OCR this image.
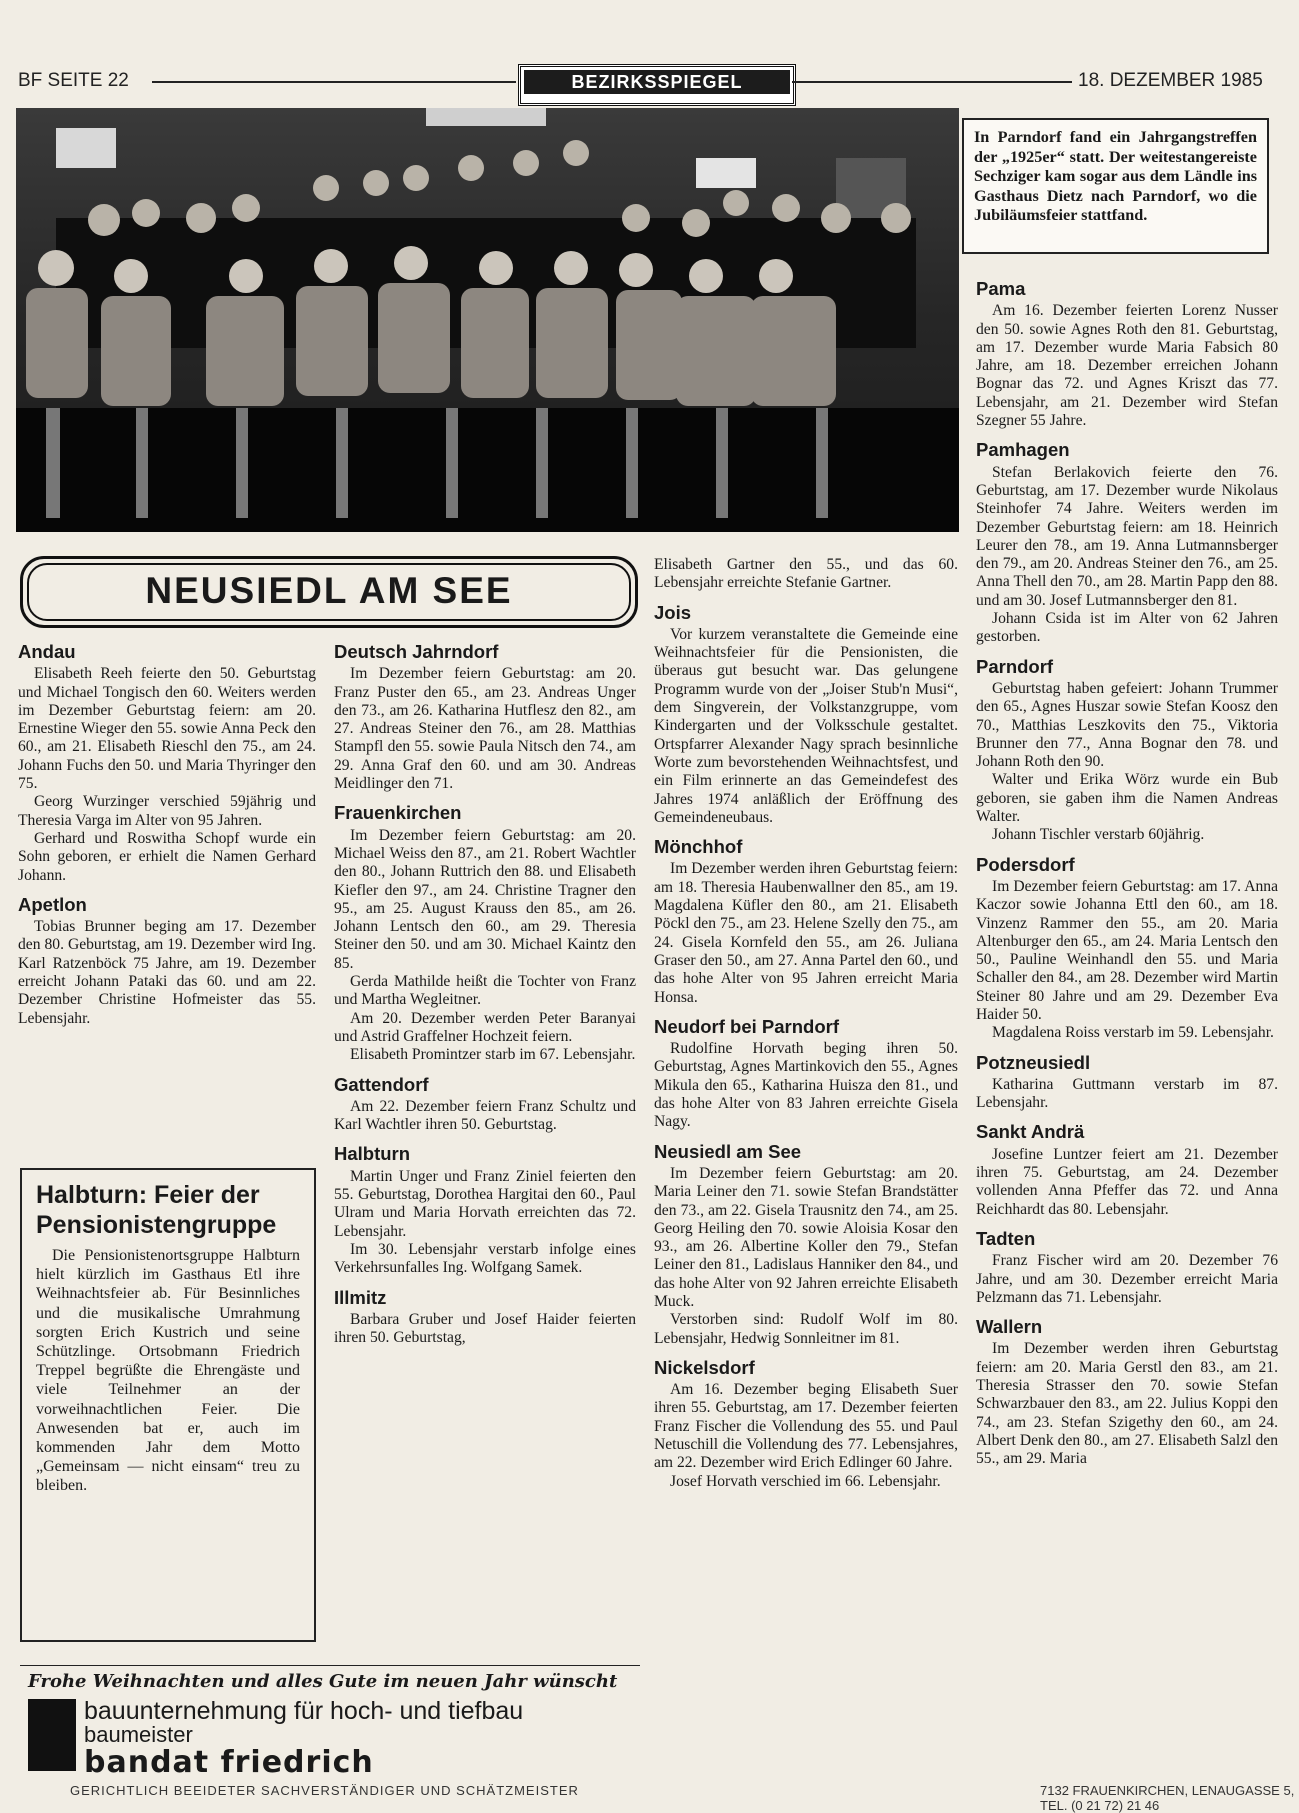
BF SEITE 22	BEZIRKSSPIEGEL	18. DEZEMBER 1985
In Parndorf fand ein Jahrgangstreffen der „1925er“ statt. Der weitestangereiste Sechziger kam sogar aus dem Ländle ins Gasthaus Dietz nach Parndorf, wo die Jubiläumsfeier stattfand.
NEUSIEDL AM SEE
Andau

Elisabeth Reeh feierte den 50. Geburtstag und Michael Tongisch den 60. Weiters werden im Dezember Geburtstag feiern: am 20. Ernestine Wieger den 55. sowie Anna Peck den 60., am 21. Elisabeth Rieschl den 75., am 24. Johann Fuchs den 50. und Maria Thyringer den 75.

Georg Wurzinger verschied 59jährig und Theresia Varga im Alter von 95 Jahren.

Gerhard und Roswitha Schopf wurde ein Sohn geboren, er erhielt die Namen Gerhard Johann.

Apetlon

Tobias Brunner beging am 17. Dezember den 80. Geburtstag, am 19. Dezember wird Ing. Karl Ratzenböck 75 Jahre, am 19. Dezember erreicht Johann Pataki das 60. und am 22. Dezember Christine Hofmeister das 55. Lebensjahr.

Halbturn: Feier der Pensionistengruppe

Die Pensionistenortsgruppe Halbturn hielt kürzlich im Gasthaus Etl ihre Weihnachtsfeier ab. Für Besinnliches und die musikalische Umrahmung sorgten Erich Kustrich und seine Schützlinge. Ortsobmann Friedrich Treppel begrüßte die Ehrengäste und viele Teilnehmer an der vorweihnachtlichen Feier. Die Anwesenden bat er, auch im kommenden Jahr dem Motto „Gemeinsam — nicht einsam“ treu zu bleiben.

Deutsch Jahrndorf

Im Dezember feiern Geburtstag: am 20. Franz Puster den 65., am 23. Andreas Unger den 73., am 26. Katharina Hutflesz den 82., am 27. Andreas Steiner den 76., am 28. Matthias Stampfl den 55. sowie Paula Nitsch den 74., am 29. Anna Graf den 60. und am 30. Andreas Meidlinger den 71.

Frauenkirchen

Im Dezember feiern Geburtstag: am 20. Michael Weiss den 87., am 21. Robert Wachtler den 80., Johann Ruttrich den 88. und Elisabeth Kiefler den 97., am 24. Christine Tragner den 95., am 25. August Krauss den 85., am 26. Johann Lentsch den 60., am 29. Theresia Steiner den 50. und am 30. Michael Kaintz den 85.

Gerda Mathilde heißt die Tochter von Franz und Martha Wegleitner.

Am 20. Dezember werden Peter Baranyai und Astrid Graffelner Hochzeit feiern.

Elisabeth Promintzer starb im 67. Lebensjahr.

Gattendorf

Am 22. Dezember feiern Franz Schultz und Karl Wachtler ihren 50. Geburtstag.

Halbturn

Martin Unger und Franz Ziniel feierten den 55. Geburtstag, Dorothea Hargitai den 60., Paul Ulram und Maria Horvath erreichten das 72. Lebensjahr.

Im 30. Lebensjahr verstarb infolge eines Verkehrsunfalles Ing. Wolfgang Samek.

Illmitz

Barbara Gruber und Josef Haider feierten ihren 50. Geburtstag,

Elisabeth Gartner den 55., und das 60. Lebensjahr erreichte Stefanie Gartner.

Jois

Vor kurzem veranstaltete die Gemeinde eine Weihnachtsfeier für die Pensionisten, die überaus gut besucht war. Das gelungene Programm wurde von der „Joiser Stub'n Musi“, dem Singverein, der Volkstanzgruppe, vom Kindergarten und der Volksschule gestaltet. Ortspfarrer Alexander Nagy sprach besinnliche Worte zum bevorstehenden Weihnachtsfest, und ein Film erinnerte an das Gemeindefest des Jahres 1974 anläßlich der Eröffnung des Gemeindeneubaus.

Mönchhof

Im Dezember werden ihren Geburtstag feiern: am 18. Theresia Haubenwallner den 85., am 19. Magdalena Küfler den 80., am 21. Elisabeth Pöckl den 75., am 23. Helene Szelly den 75., am 24. Gisela Kornfeld den 55., am 26. Juliana Graser den 50., am 27. Anna Partel den 60., und das hohe Alter von 95 Jahren erreicht Maria Honsa.

Neudorf bei Parndorf

Rudolfine Horvath beging ihren 50. Geburtstag, Agnes Martinkovich den 55., Agnes Mikula den 65., Katharina Huisza den 81., und das hohe Alter von 83 Jahren erreichte Gisela Nagy.

Neusiedl am See

Im Dezember feiern Geburtstag: am 20. Maria Leiner den 71. sowie Stefan Brandstätter den 73., am 22. Gisela Trausnitz den 74., am 25. Georg Heiling den 70. sowie Aloisia Kosar den 93., am 26. Albertine Koller den 79., Stefan Leiner den 81., Ladislaus Hanniker den 84., und das hohe Alter von 92 Jahren erreichte Elisabeth Muck.

Verstorben sind: Rudolf Wolf im 80. Lebensjahr, Hedwig Sonnleitner im 81.

Nickelsdorf

Am 16. Dezember beging Elisabeth Suer ihren 55. Geburtstag, am 17. Dezember feierten Franz Fischer die Vollendung des 55. und Paul Netuschill die Vollendung des 77. Lebensjahres, am 22. Dezember wird Erich Edlinger 60 Jahre.

Josef Horvath verschied im 66. Lebensjahr.

Pama

Am 16. Dezember feierten Lorenz Nusser den 50. sowie Agnes Roth den 81. Geburtstag, am 17. Dezember wurde Maria Fabsich 80 Jahre, am 18. Dezember erreichen Johann Bognar das 72. und Agnes Kriszt das 77. Lebensjahr, am 21. Dezember wird Stefan Szegner 55 Jahre.

Pamhagen

Stefan Berlakovich feierte den 76. Geburtstag, am 17. Dezember wurde Nikolaus Steinhofer 74 Jahre. Weiters werden im Dezember Geburtstag feiern: am 18. Heinrich Leurer den 78., am 19. Anna Lutmannsberger den 79., am 20. Andreas Steiner den 76., am 25. Anna Thell den 70., am 28. Martin Papp den 88. und am 30. Josef Lutmannsberger den 81.

Johann Csida ist im Alter von 62 Jahren gestorben.

Parndorf

Geburtstag haben gefeiert: Johann Trummer den 65., Agnes Huszar sowie Stefan Koosz den 70., Matthias Leszkovits den 75., Viktoria Brunner den 77., Anna Bognar den 78. und Johann Roth den 90.

Walter und Erika Wörz wurde ein Bub geboren, sie gaben ihm die Namen Andreas Walter.

Johann Tischler verstarb 60jährig.

Podersdorf

Im Dezember feiern Geburtstag: am 17. Anna Kaczor sowie Johanna Ettl den 60., am 18. Vinzenz Rammer den 55., am 20. Maria Altenburger den 65., am 24. Maria Lentsch den 50., Pauline Weinhandl den 55. und Maria Schaller den 84., am 28. Dezember wird Martin Steiner 80 Jahre und am 29. Dezember Eva Haider 50.

Magdalena Roiss verstarb im 59. Lebensjahr.

Potzneusiedl

Katharina Guttmann verstarb im 87. Lebensjahr.

Sankt Andrä

Josefine Luntzer feiert am 21. Dezember ihren 75. Geburtstag, am 24. Dezember vollenden Anna Pfeffer das 72. und Anna Reichhardt das 80. Lebensjahr.

Tadten

Franz Fischer wird am 20. Dezember 76 Jahre, und am 30. Dezember erreicht Maria Pelzmann das 71. Lebensjahr.

Wallern

Im Dezember werden ihren Geburtstag feiern: am 20. Maria Gerstl den 83., am 21. Theresia Strasser den 70. sowie Stefan Schwarzbauer den 83., am 22. Julius Koppi den 74., am 23. Stefan Szigethy den 60., am 24. Albert Denk den 80., am 27. Elisabeth Salzl den 55., am 29. Maria

Frohe Weihnachten und alles Gute im neuen Jahr wünscht
bauunternehmung für hoch- und tiefbau
baumeister
bandat friedrich
GERICHTLICH BEEIDETER SACHVERSTÄNDIGER UND SCHÄTZMEISTER	7132 FRAUENKIRCHEN, LENAUGASSE 5, TEL. (0 21 72) 21 46
